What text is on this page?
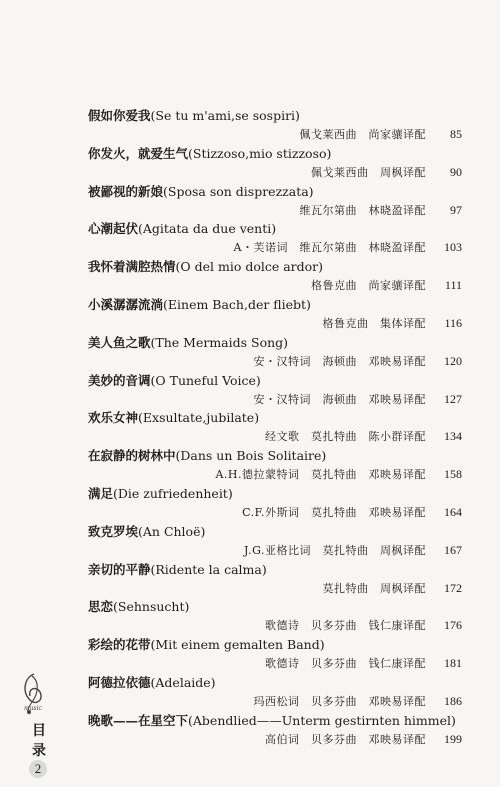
假如你爱我(Se tu m'ami,se sospiri)
佩戈莱西曲　尚家骧译配	85
你发火，就爱生气(Stizzoso,mio stizzoso)
佩戈莱西曲　周枫译配	90
被鄙视的新娘(Sposa son disprezzata)
维瓦尔第曲　林晓盈译配	97
心潮起伏(Agitata da due venti)
A・芙诺词　维瓦尔第曲　林晓盈译配	103
我怀着满腔热情(O del mio dolce ardor)
格鲁克曲　尚家骧译配	111
小溪潺潺流淌(Einem Bach,der fliebt)
格鲁克曲　集体译配	116
美人鱼之歌(The Mermaids Song)
安・汉特词　海顿曲　邓映易译配	120
美妙的音调(O Tuneful Voice)
安・汉特词　海顿曲　邓映易译配	127
欢乐女神(Exsultate,jubilate)
经文歌　莫扎特曲　陈小群译配	134
在寂静的树林中(Dans un Bois Solitaire)
A.H.德拉蒙特词　莫扎特曲　邓映易译配	158
满足(Die zufriedenheit)
C.F.外斯词　莫扎特曲　邓映易译配	164
致克罗埃(An Chloë)
J.G.亚格比词　莫扎特曲　周枫译配	167
亲切的平静(Ridente la calma)
莫扎特曲　周枫译配	172
思恋(Sehnsucht)
歌德诗　贝多芬曲　钱仁康译配	176
彩绘的花带(Mit einem gemalten Band)
歌德诗　贝多芬曲　钱仁康译配	181
阿德拉依德(Adelaide)
玛西松词　贝多芬曲　邓映易译配	186
晚歌——在星空下(Abendlied——Unterm gestirnten himmel)
高伯词　贝多芬曲　邓映易译配	199
music
目
录
2
